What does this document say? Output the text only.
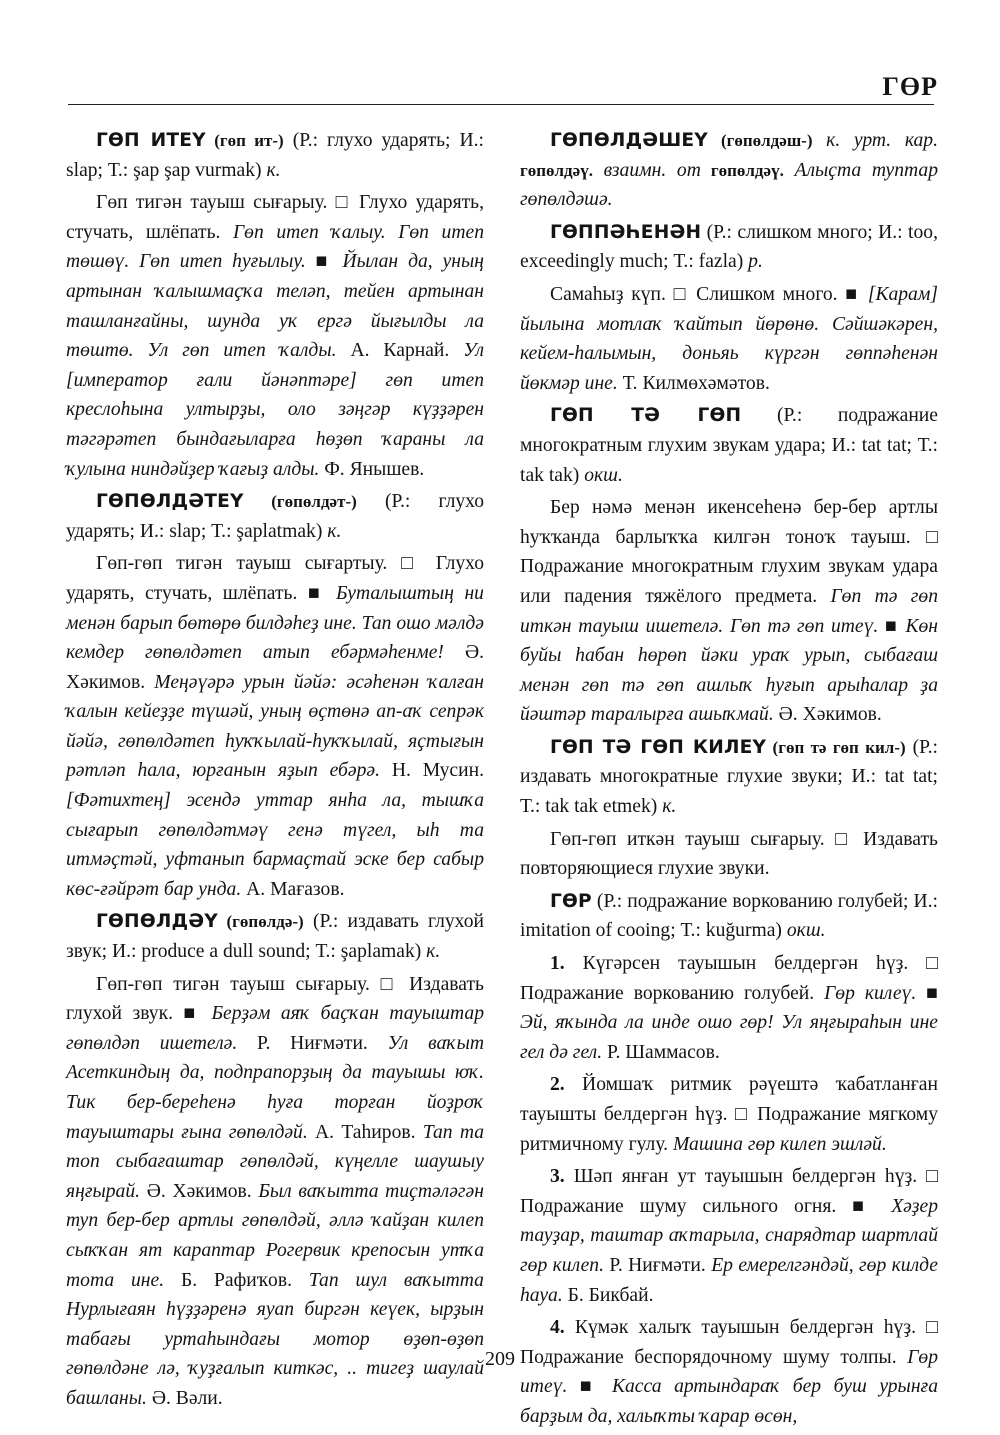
ГӨР

ГӨП ИТЕҮ (гөп ит-) (Р.: глухо ударять; И.: slap; Т.: şap şap vurmak) к.

Гөп тигән тауыш сығарыу. □ Глухо ударять, стучать, шлёпать. Гөп итеп ҡалыу. Гөп итеп төшөү. Гөп итеп һуғылыу. ■ Йылан да, уның артынан ҡалышмаҫҡа теләп, тейен артынан ташланғайны, шунда уҡ ергә йығылды ла төштө. Ул гөп итеп ҡалды. А. Карнай. Ул [император ғали йәнәптәре] гөп итеп креслоһына ултырҙы, оло зәңгәр күҙҙәрен тәгәрәтеп бындағыларға һөҙөп ҡараны ла ҡулына ниндәйҙер ҡағыҙ алды. Ф. Янышев.

ГӨПӨЛДӘТЕҮ (гөпөлдәт-) (Р.: глухо ударять; И.: slap; Т.: şaplatmak) к.

Гөп-гөп тигән тауыш сығартыу. □ Глухо ударять, стучать, шлёпать. ■ Буталыштың ни менән барып бөтөрө билдәһеҙ ине. Тап ошо мәлдә кемдер гөпөлдәтеп атып ебәрмәһенме! Ә. Хәкимов. Меңәүәрә урын йәйә: әсәһенән ҡалған ҡалын кейеҙҙе түшәй, уның өҫтөнә ап-аҡ сепрәк йәйә, гөпөлдәтеп һуҡҡылай-һуҡҡылай, яҫтығын рәтләп һала, юрғанын яҙып ебәрә. Н. Мусин. [Фәтихтең] эсендә уттар янһа ла, тышҡа сығарып гөпөлдәтмәү генә түгел, ыһ та итмәҫтәй, уфтанып бармаҫтай эске бер сабыр көс-ғәйрәт бар унда. А. Мағазов.

ГӨПӨЛДӘҮ (гөпөлдә-) (Р.: издавать глухой звук; И.: produce a dull sound; Т.: şaplamak) к.

Гөп-гөп тигән тауыш сығарыу. □ Издавать глухой звук. ■ Берҙәм аяҡ баҫҡан тауыштар гөпөлдәп ишетелә. Р. Ниғмәти. Ул ваҡыт Асеткиндың да, подпрапорҙың да тауышы юҡ. Тик бер-береһенә һуға торған йоҙроҡ тауыштары ғына гөпөлдәй. А. Таһиров. Тап та топ сыбағаштар гөпөлдәй, күңелле шаушыу яңғырай. Ә. Хәкимов. Был ваҡытта тиҫтәләгән туп бер-бер артлы гөпөлдәй, әллә ҡайҙан килеп сыҡҡан ят караптар Рогервик крепосын утҡа тота ине. Б. Рафиҡов. Тап шул ваҡытта Нурлығаян һүҙҙәренә яуап биргән кеүек, ырҙын табағы уртаһындағы мотор өҙөп-өҙөп гөпөлдәне лә, ҡуҙғалып киткәс, .. тигеҙ шаулай башланы. Ә. Вәли.

ГӨПӨЛДӘШЕҮ (гөпөлдәш-) к. урт. кар. гөпөлдәү. взаимн. от гөпөлдәү. Алыҫта туптар гөпөлдәшә.

ГӨППӘҺЕНӘН (Р.: слишком много; И.: too, exceedingly much; Т.: fazla) р.

Самаһыҙ күп. □ Слишком много. ■ [Карам] йылына мотлаҡ ҡайтып йөрөнө. Сәйшәкәрен, кейем-һалымын, доньяь күргән гөппәһенән йөкмәр ине. Т. Килмөхәмәтов.

ГӨП ТӘ ГӨП (Р.: подражание многократным глухим звукам удара; И.: tat tat; Т.: tak tak) окш.

Бер нәмә менән икенсеһенә бер-бер артлы һуҡҡанда барлыҡҡа килгән тоноҡ тауыш. □ Подражание многократным глухим звукам удара или падения тяжёлого предмета. Гөп тә гөп иткән тауыш ишетелә. Гөп тә гөп итеү. ■ Көн буйы һабан һөрөп йәки ураҡ урып, сыбағаш менән гөп тә гөп ашлыҡ һуғып арыһалар ҙа йәштәр таралырға ашыҡмай. Ә. Хәкимов.

ГӨП ТӘ ГӨП КИЛЕҮ (гөп тә гөп кил-) (Р.: издавать многократные глухие звуки; И.: tat tat; Т.: tak tak etmek) к.

Гөп-гөп иткән тауыш сығарыу. □ Издавать повторяющиеся глухие звуки.

ГӨР (Р.: подражание воркованию голубей; И.: imitation of cooing; Т.: kuğurma) окш.

1. Күгәрсен тауышын белдергән һүҙ. □ Подражание воркованию голубей. Гөр килеү. ■ Эй, яҡында ла инде ошо гөр! Ул яңғыраһын ине гел дә гел. Р. Шаммасов.

2. Йомшаҡ ритмик рәүештә ҡабатланған тауышты белдергән һүҙ. □ Подражание мягкому ритмичному гулу. Машина гөр килеп эшләй.

3. Шәп янған ут тауышын белдергән һүҙ. □ Подражание шуму сильного огня. ■ Хәҙер тауҙар, таштар аҡтарыла, снарядтар шартлай гөр килеп. Р. Ниғмәти. Ер емерелгәндәй, гөр килде һауа. Б. Бикбай.

4. Күмәк халыҡ тауышын белдергән һүҙ. □ Подражание беспорядочному шуму толпы. Гөр итеү. ■ Касса артындараҡ бер буш урынға барҙым да, халыҡты ҡарар өсөн,

209
